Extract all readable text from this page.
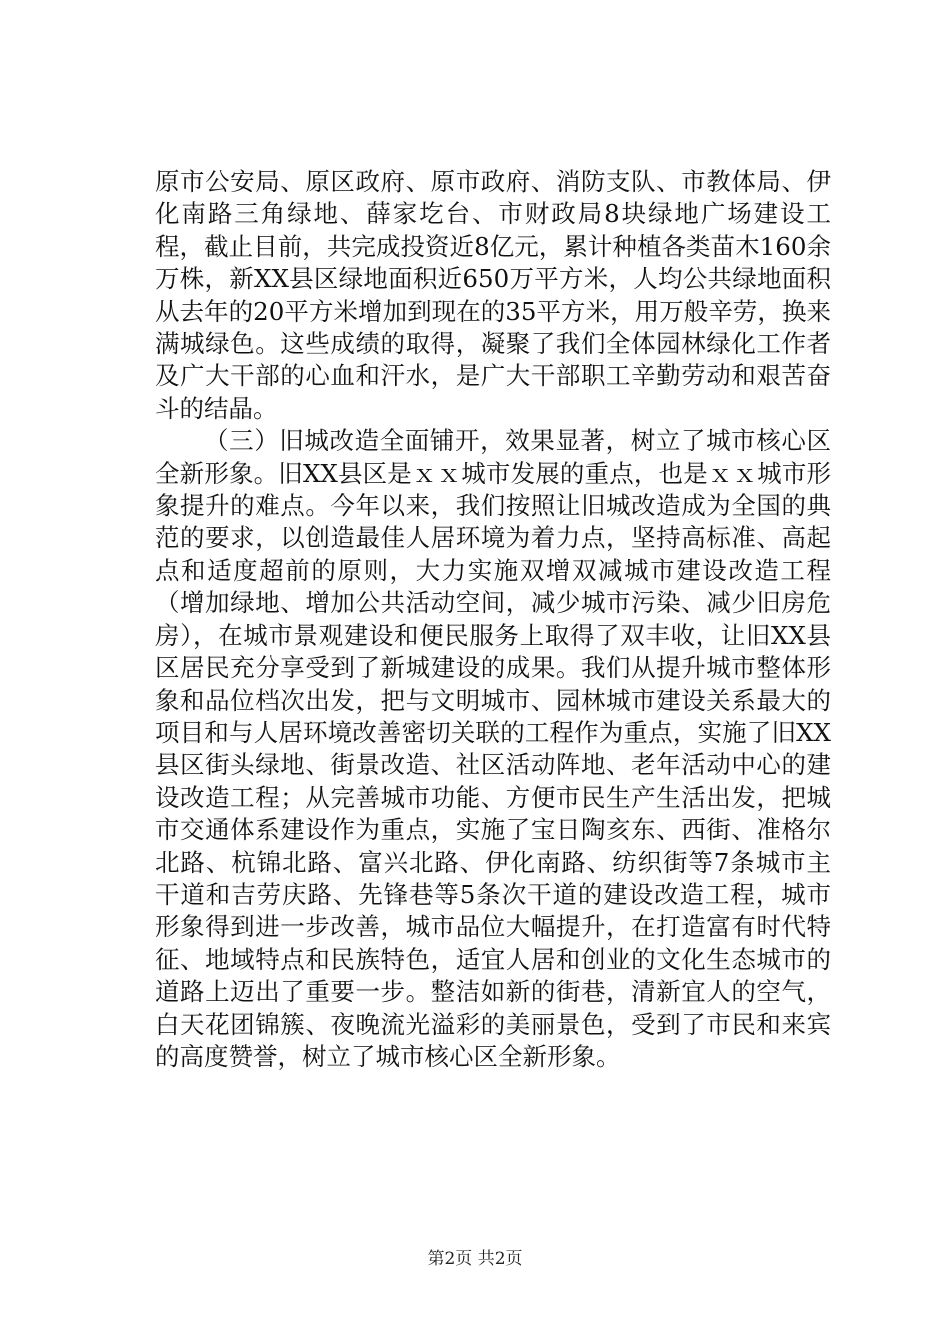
原市公安局、原区政府、原市政府、消防支队、市教体局、伊化南路三角绿地、薛家圪台、市财政局8块绿地广场建设工程，截止目前，共完成投资近8亿元，累计种植各类苗木160余万株，新XX县区绿地面积近650万平方米，人均公共绿地面积从去年的20平方米增加到现在的35平方米，用万般辛劳，换来满城绿色。这些成绩的取得，凝聚了我们全体园林绿化工作者及广大干部的心血和汗水，是广大干部职工辛勤劳动和艰苦奋斗的结晶。

（三）旧城改造全面铺开，效果显著，树立了城市核心区全新形象。旧XX县区是ｘｘ城市发展的重点，也是ｘｘ城市形象提升的难点。今年以来，我们按照让旧城改造成为全国的典范的要求，以创造最佳人居环境为着力点，坚持高标准、高起点和适度超前的原则，大力实施双增双减城市建设改造工程（增加绿地、增加公共活动空间，减少城市污染、减少旧房危房），在城市景观建设和便民服务上取得了双丰收，让旧XX县区居民充分享受到了新城建设的成果。我们从提升城市整体形象和品位档次出发，把与文明城市、园林城市建设关系最大的项目和与人居环境改善密切关联的工程作为重点，实施了旧XX县区街头绿地、街景改造、社区活动阵地、老年活动中心的建设改造工程；从完善城市功能、方便市民生产生活出发，把城市交通体系建设作为重点，实施了宝日陶亥东、西街、准格尔北路、杭锦北路、富兴北路、伊化南路、纺织街等7条城市主干道和吉劳庆路、先锋巷等5条次干道的建设改造工程，城市形象得到进一步改善，城市品位大幅提升，在打造富有时代特征、地域特点和民族特色，适宜人居和创业的文化生态城市的道路上迈出了重要一步。整洁如新的街巷，清新宜人的空气，白天花团锦簇、夜晚流光溢彩的美丽景色，受到了市民和来宾的高度赞誉，树立了城市核心区全新形象。

第2页 共2页
